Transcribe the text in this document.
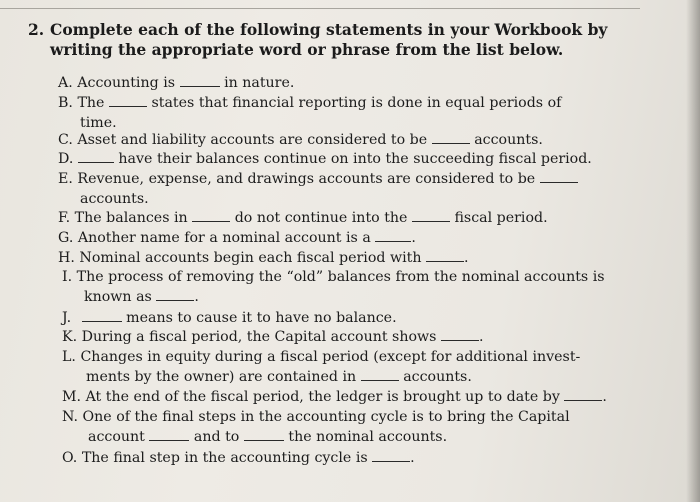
2. Complete each of the following statements in your Workbook by
writing the appropriate word or phrase from the list below.
A. Accounting is	in nature.
B. The	states that financial reporting is done in equal periods of
time.
C. Asset and liability accounts are considered to be	accounts.
D.	have their balances continue on into the succeeding fiscal period.
E. Revenue, expense, and drawings accounts are considered to be
accounts.
F. The balances in	do not continue into the	fiscal period.
G. Another name for a nominal account is a	.
H. Nominal accounts begin each fiscal period with	.
I. The process of removing the “old” balances from the nominal accounts is
known as	.
J.	means to cause it to have no balance.
K. During a fiscal period, the Capital account shows	.
L. Changes in equity during a fiscal period (except for additional invest-
ments by the owner) are contained in	accounts.
M. At the end of the fiscal period, the ledger is brought up to date by	.
N. One of the final steps in the accounting cycle is to bring the Capital
account	and to	the nominal accounts.
O. The final step in the accounting cycle is	.
